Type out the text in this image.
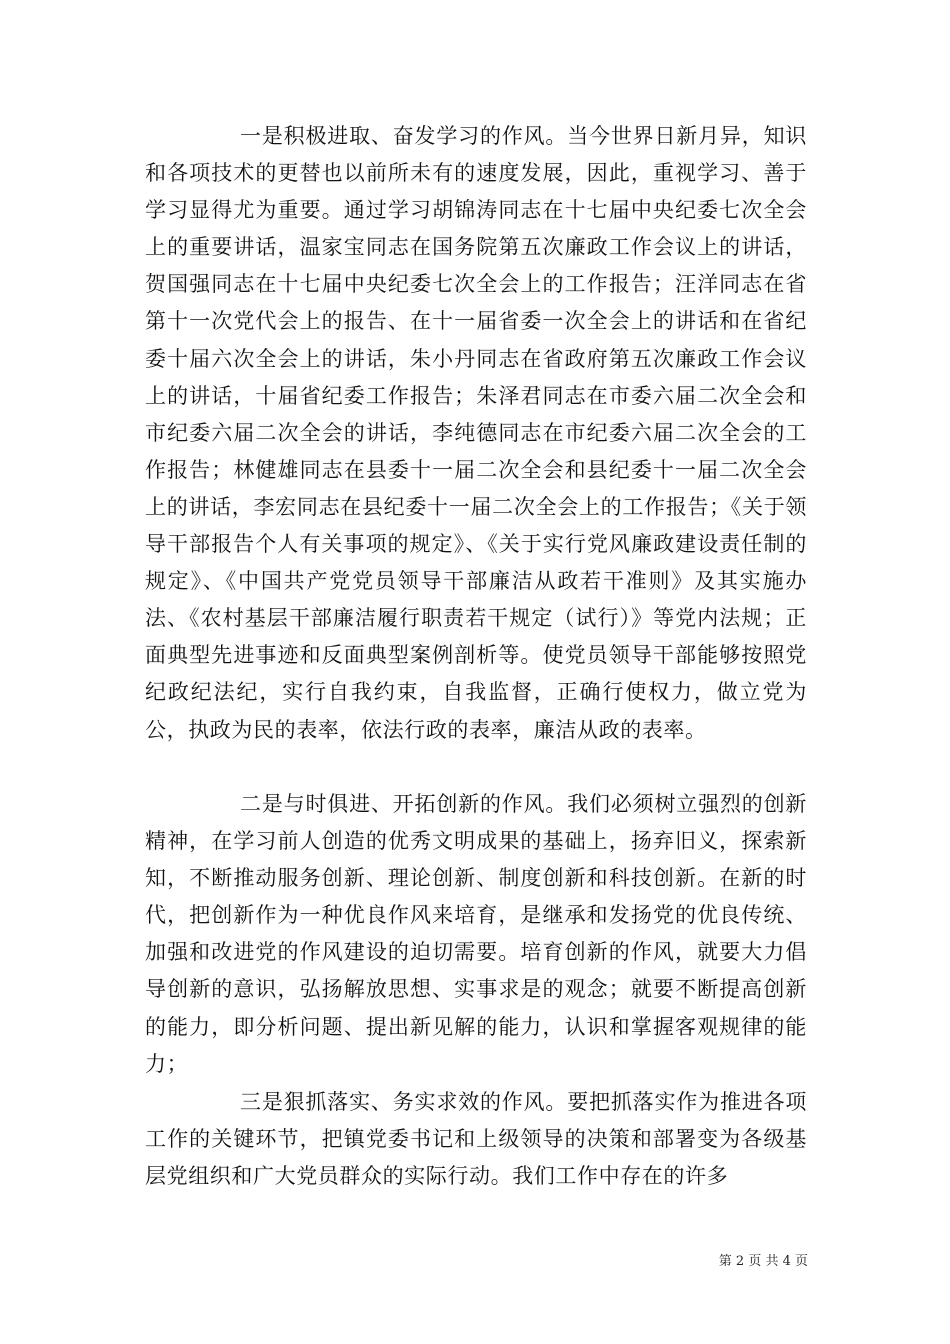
一是积极进取、奋发学习的作风。当今世界日新月异，知识和各项技术的更替也以前所未有的速度发展，因此，重视学习、善于学习显得尤为重要。通过学习胡锦涛同志在十七届中央纪委七次全会上的重要讲话，温家宝同志在国务院第五次廉政工作会议上的讲话，贺国强同志在十七届中央纪委七次全会上的工作报告；汪洋同志在省第十一次党代会上的报告、在十一届省委一次全会上的讲话和在省纪委十届六次全会上的讲话，朱小丹同志在省政府第五次廉政工作会议上的讲话，十届省纪委工作报告；朱泽君同志在市委六届二次全会和市纪委六届二次全会的讲话，李纯德同志在市纪委六届二次全会的工作报告；林健雄同志在县委十一届二次全会和县纪委十一届二次全会上的讲话，李宏同志在县纪委十一届二次全会上的工作报告；《关于领导干部报告个人有关事项的规定》、《关于实行党风廉政建设责任制的规定》、《中国共产党党员领导干部廉洁从政若干准则》及其实施办法、《农村基层干部廉洁履行职责若干规定（试行）》等党内法规；正面典型先进事迹和反面典型案例剖析等。使党员领导干部能够按照党纪政纪法纪，实行自我约束，自我监督，正确行使权力，做立党为公，执政为民的表率，依法行政的表率，廉洁从政的表率。

二是与时俱进、开拓创新的作风。我们必须树立强烈的创新精神，在学习前人创造的优秀文明成果的基础上，扬弃旧义，探索新知，不断推动服务创新、理论创新、制度创新和科技创新。在新的时代，把创新作为一种优良作风来培育，是继承和发扬党的优良传统、加强和改进党的作风建设的迫切需要。培育创新的作风，就要大力倡导创新的意识，弘扬解放思想、实事求是的观念；就要不断提高创新的能力，即分析问题、提出新见解的能力，认识和掌握客观规律的能力；

三是狠抓落实、务实求效的作风。要把抓落实作为推进各项工作的关键环节，把镇党委书记和上级领导的决策和部署变为各级基层党组织和广大党员群众的实际行动。我们工作中存在的许多

第 2 页 共 4 页
